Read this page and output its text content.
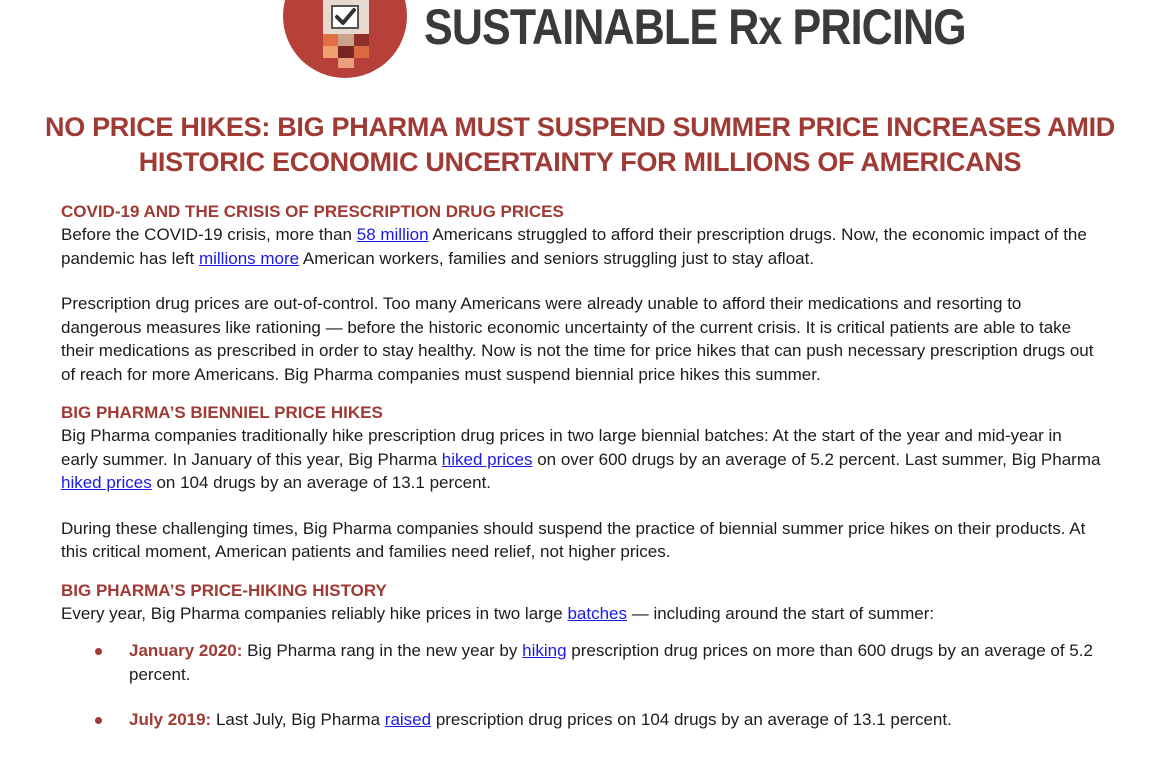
SUSTAINABLE Rx PRICING
NO PRICE HIKES: BIG PHARMA MUST SUSPEND SUMMER PRICE INCREASES AMID
HISTORIC ECONOMIC UNCERTAINTY FOR MILLIONS OF AMERICANS

COVID-19 AND THE CRISIS OF PRESCRIPTION DRUG PRICES

Before the COVID-19 crisis, more than 58 million Americans struggled to afford their prescription drugs. Now, the economic impact of the pandemic has left millions more American workers, families and seniors struggling just to stay afloat.

Prescription drug prices are out-of-control. Too many Americans were already unable to afford their medications and resorting to dangerous measures like rationing — before the historic economic uncertainty of the current crisis. It is critical patients are able to take their medications as prescribed in order to stay healthy. Now is not the time for price hikes that can push necessary prescription drugs out of reach for more Americans. Big Pharma companies must suspend biennial price hikes this summer.

BIG PHARMA’S BIENNIEL PRICE HIKES

Big Pharma companies traditionally hike prescription drug prices in two large biennial batches: At the start of the year and mid-year in early summer. In January of this year, Big Pharma hiked prices on over 600 drugs by an average of 5.2 percent. Last summer, Big Pharma hiked prices on 104 drugs by an average of 13.1 percent.

During these challenging times, Big Pharma companies should suspend the practice of biennial summer price hikes on their products. At this critical moment, American patients and families need relief, not higher prices.

BIG PHARMA’S PRICE-HIKING HISTORY

Every year, Big Pharma companies reliably hike prices in two large batches — including around the start of summer:

January 2020: Big Pharma rang in the new year by hiking prescription drug prices on more than 600 drugs by an average of 5.2 percent.
July 2019: Last July, Big Pharma raised prescription drug prices on 104 drugs by an average of 13.1 percent.
